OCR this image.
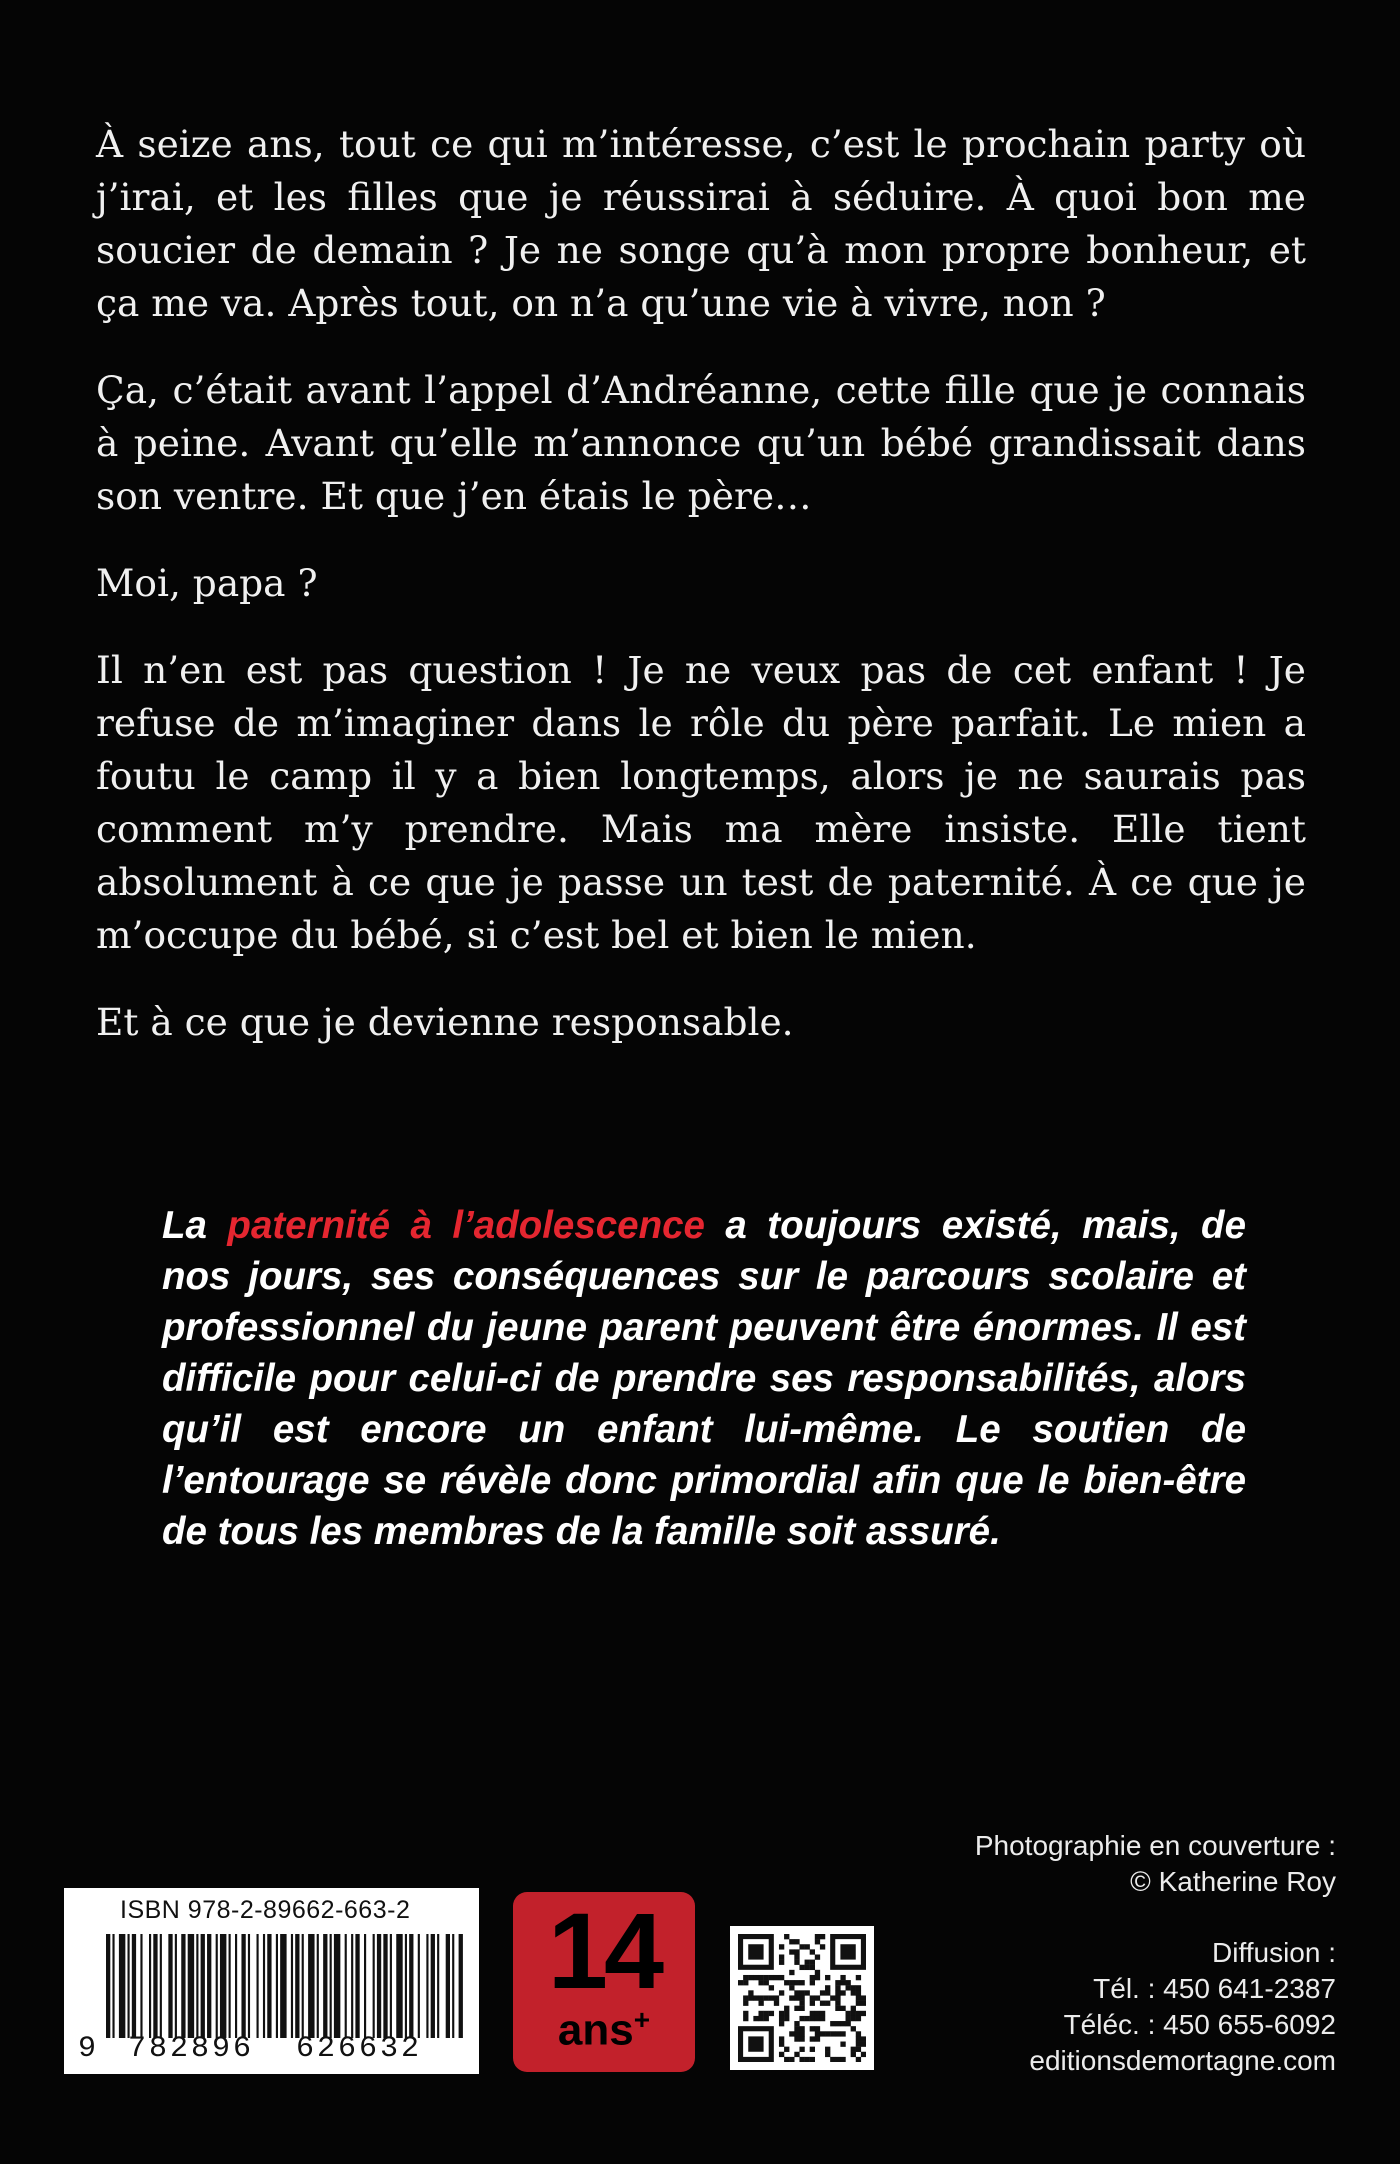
À seize ans, tout ce qui m’intéresse, c’est le prochain party où j’irai, et les filles que je réussirai à séduire. À quoi bon me soucier de demain ? Je ne songe qu’à mon propre bonheur, et ça me va. Après tout, on n’a qu’une vie à vivre, non ?

Ça, c’était avant l’appel d’Andréanne, cette fille que je connais à peine. Avant qu’elle m’annonce qu’un bébé grandissait dans son ventre. Et que j’en étais le père…

Moi, papa ?

Il n’en est pas question ! Je ne veux pas de cet enfant ! Je refuse de m’imaginer dans le rôle du père parfait. Le mien a foutu le camp il y a bien longtemps, alors je ne saurais pas comment m’y prendre. Mais ma mère insiste. Elle tient absolument à ce que je passe un test de paternité. À ce que je m’occupe du bébé, si c’est bel et bien le mien.

Et à ce que je devienne responsable.

La paternité à l’adolescence a toujours existé, mais, de nos jours, ses conséquences sur le parcours scolaire et professionnel du jeune parent peuvent être énormes. Il est difficile pour celui-ci de prendre ses responsabilités, alors qu’il est encore un enfant lui-même. Le soutien de l’entourage se révèle donc primordial afin que le bien-être de tous les membres de la famille soit assuré.

Photographie en couverture :
© Katherine Roy
Diffusion :
Tél. : 450 641-2387
Téléc. : 450 655-6092
editionsdemortagne.com
ISBN 978-2-89662-663-2
9 782896 626632
14
ans+
